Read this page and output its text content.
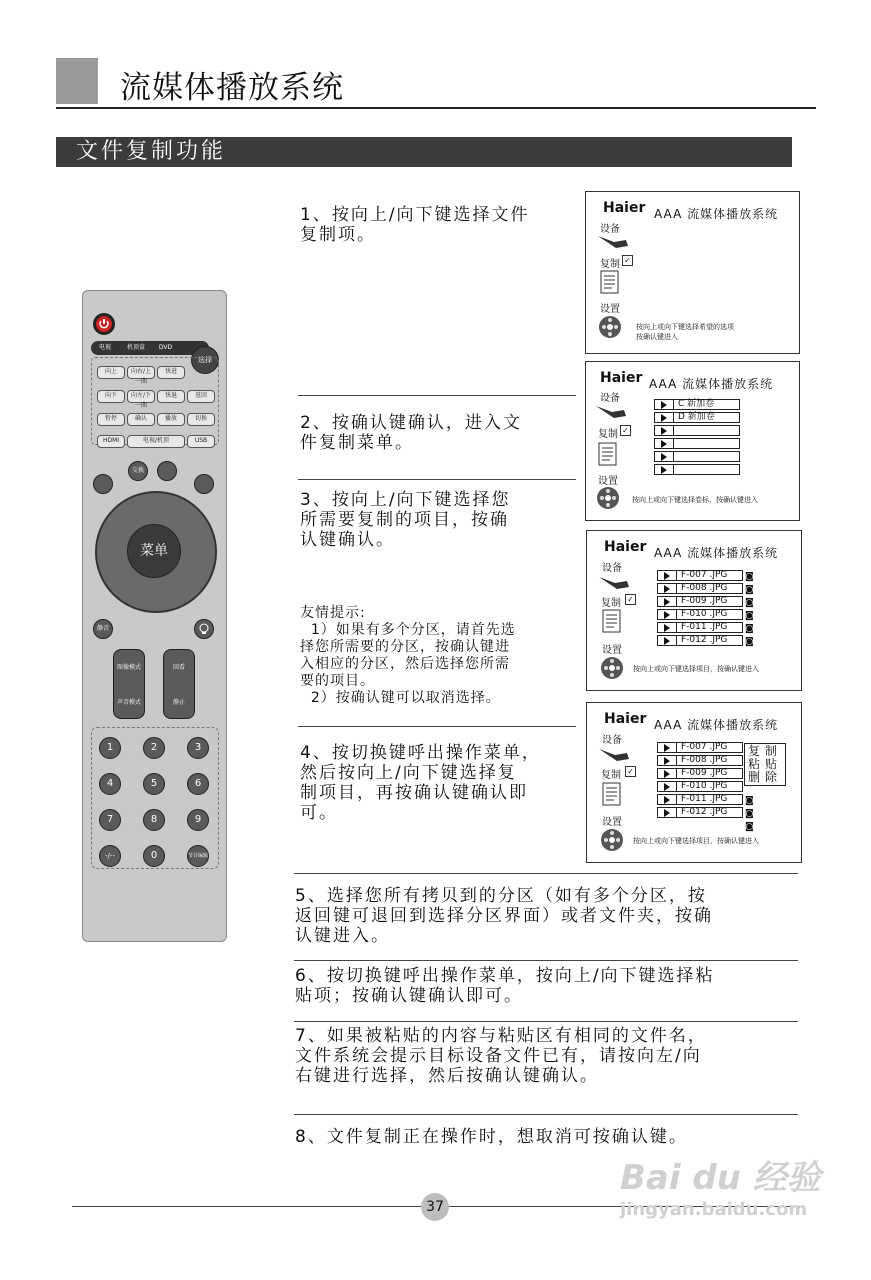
流媒体播放系统
文件复制功能
1、按向上/向下键选择文件
复制项。
2、按确认键确认，进入文
件复制菜单。
3、按向上/向下键选择您
所需要复制的项目，按确
认键确认。

友情提示:
1）如果有多个分区，请首先选
择您所需要的分区，按确认键进
入相应的分区，然后选择您所需
要的项目。
2）按确认键可以取消选择。

4、按切换键呼出操作菜单，
然后按向上/向下键选择复
制项目，再按确认键确认即
可。
5、选择您所有拷贝到的分区（如有多个分区，按
返回键可退回到选择分区界面）或者文件夹，按确
认键进入。
6、按切换键呼出操作菜单，按向上/向下键选择粘
贴项；按确认键确认即可。
7、如果被粘贴的内容与粘贴区有相同的文件名，
文件系统会提示目标设备文件已有，请按向左/向
右键进行选择，然后按确认键确认。
8、文件复制正在操作时，想取消可按确认键。
Haier AAA 流媒体播放系统
设备
复制 ✓
设置
按向上或向下键选择希望的选项
按确认键进入
Haier AAA 流媒体播放系统
设备
复制 ✓
设置
C 新加卷
D 新加卷
按向上或向下键选择卷标，按确认键进入
Haier AAA 流媒体播放系统
设备
复制 ✓
设置
F-007 .JPG
F-008 .JPG
F-009 .JPG
F-010 .JPG
F-011 .JPG
F-012 .JPG
◙
◙
◙
◙
◙
◙
按向上或向下键选择项目，按确认键进入
Haier AAA 流媒体播放系统
设备
复制 ✓
设置
F-007 .JPG
F-008 .JPG
F-009 .JPG
F-010 .JPG
F-011 .JPG
F-012 .JPG
◙
◙
◙
复制
粘贴
删除
按向上或向下键选择项目，按确认键进入
电视	机顶盒 DVD
选择
向上	向右/上一曲
快进
向下	向左/下一曲
快退	返回
暂停	确认	播放	切换
HDMI	电视/机顶	USB
交换
菜单
静音
图像模式
声音模式
回看
静止
1	2	3
4	5	6
7	8	9
-/--	0	节目编辑
37
Bai du 经验
jingyan.baidu.com
